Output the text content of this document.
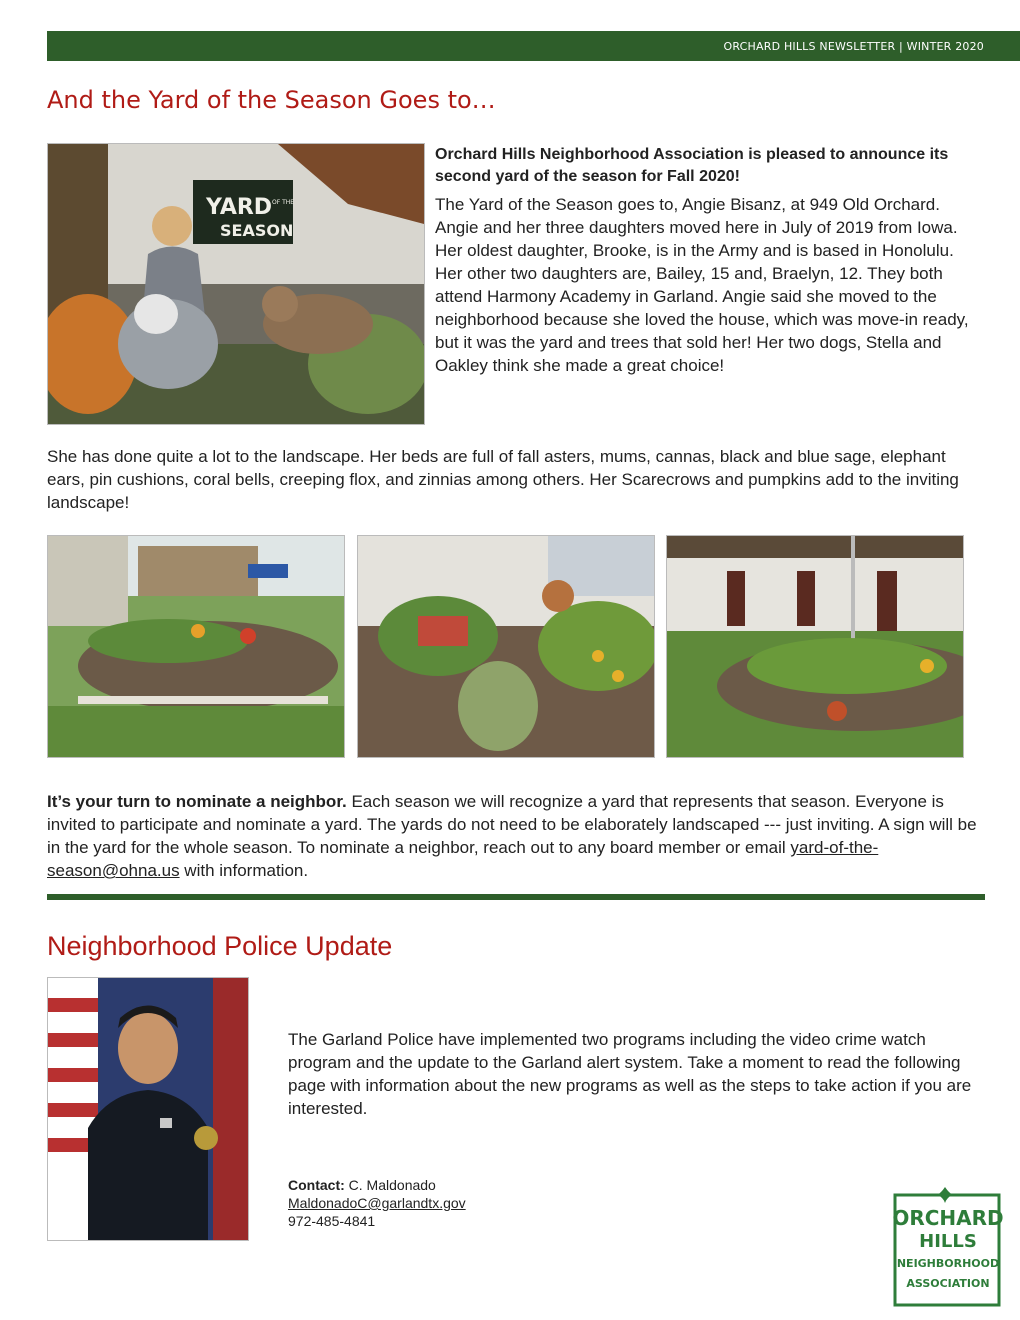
ORCHARD HILLS NEWSLETTER | WINTER 2020
And the Yard of the Season Goes to…
YARD OF THE
SEASON

Orchard Hills Neighborhood Association is pleased to announce its second yard of the season for Fall 2020!

The Yard of the Season goes to, Angie Bisanz, at 949 Old Orchard. Angie and her three daughters moved here in July of 2019 from Iowa. Her oldest daughter, Brooke, is in the Army and is based in Honolulu. Her other two daughters are, Bailey, 15 and, Braelyn, 12. They both attend Harmony Academy in Garland. Angie said she moved to the neighborhood because she loved the house, which was move-in ready, but it was the yard and trees that sold her! Her two dogs, Stella and Oakley think she made a great choice!

She has done quite a lot to the landscape. Her beds are full of fall asters, mums, cannas, black and blue sage, elephant ears, pin cushions, coral bells, creeping flox, and zinnias among others. Her Scarecrows and pumpkins add to the inviting landscape!

It’s your turn to nominate a neighbor. Each season we will recognize a yard that represents that season. Everyone is invited to participate and nominate a yard. The yards do not need to be elaborately landscaped --- just inviting. A sign will be in the yard for the whole season. To nominate a neighbor, reach out to any board member or email yard-of-the-season@ohna.us with information.

Neighborhood Police Update

The Garland Police have implemented two programs including the video crime watch program and the update to the Garland alert system. Take a moment to read the following page with information about the new programs as well as the steps to take action if you are interested.

Contact: C. Maldonado
MaldonadoC@garlandtx.gov
972-485-4841	ORCHARD
HILLS
NEIGHBORHOOD
ASSOCIATION
